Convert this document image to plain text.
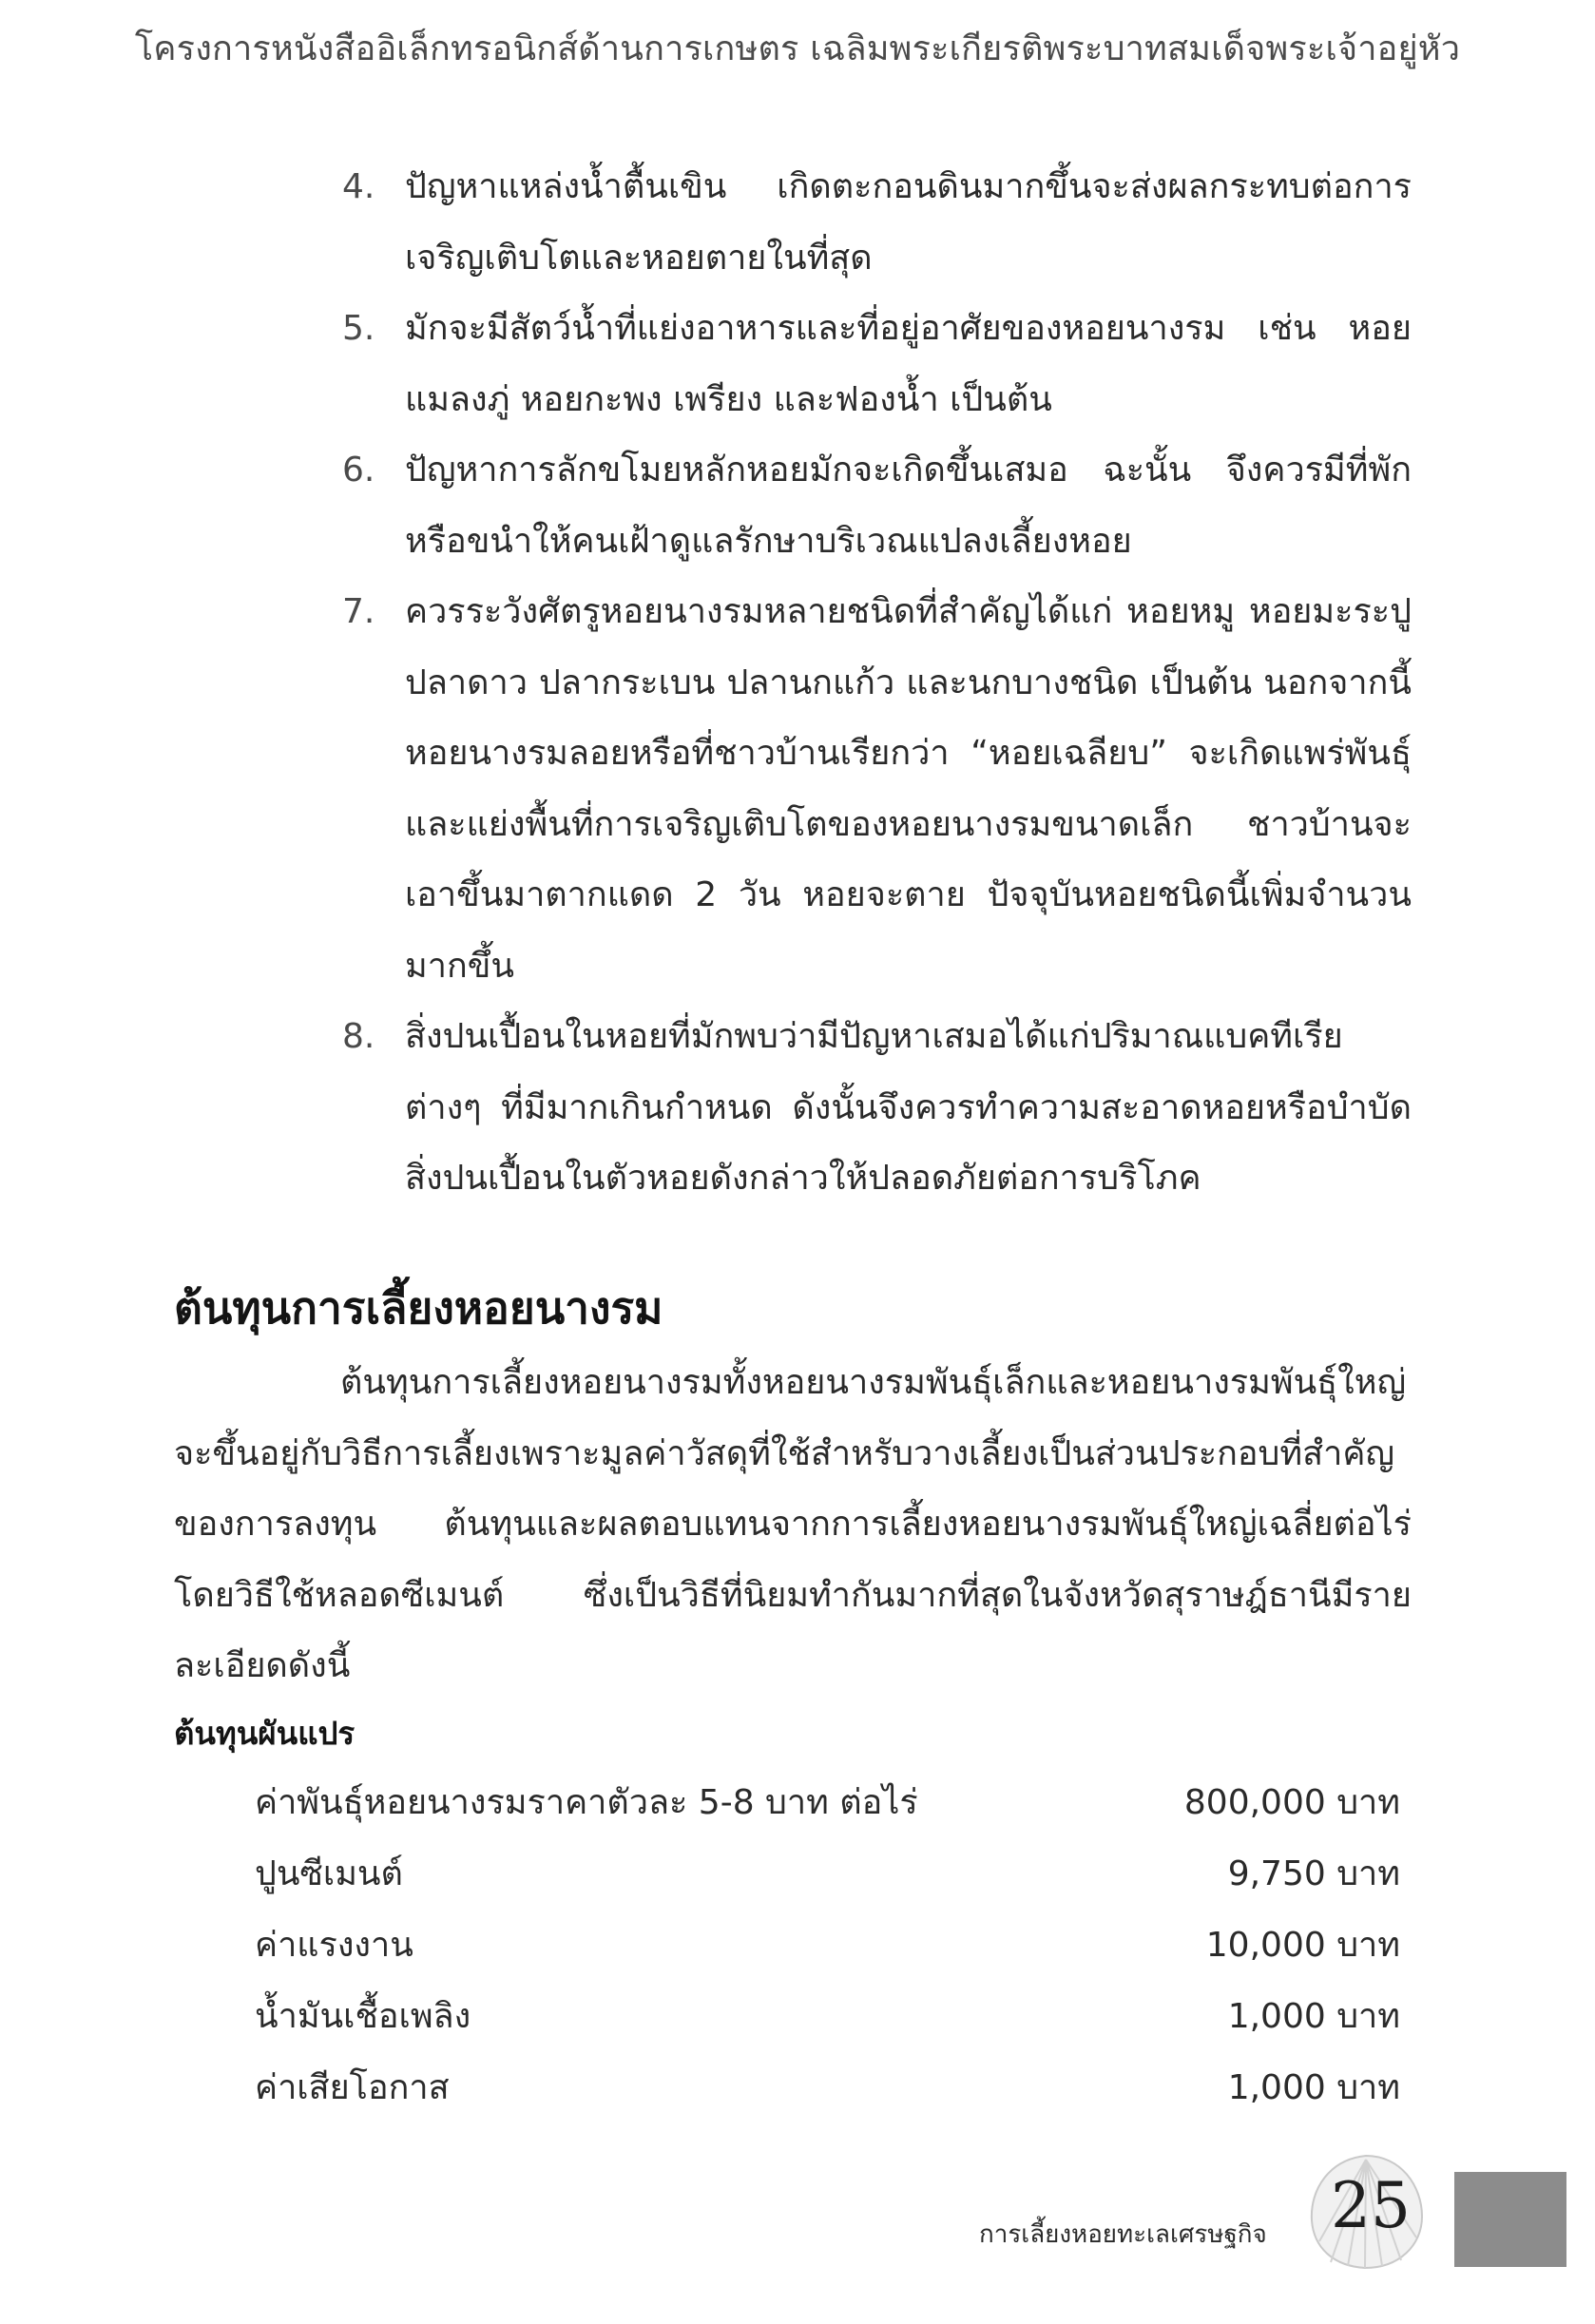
โครงการหนังสืออิเล็กทรอนิกส์ด้านการเกษตร เฉลิมพระเกียรติพระบาทสมเด็จพระเจ้าอยู่หัว
4. ปัญหาแหล่งน้ำตื้นเขิน เกิดตะกอนดินมากขึ้นจะส่งผลกระทบต่อการเจริญเติบโตและหอยตายในที่สุด
5. มักจะมีสัตว์น้ำที่แย่งอาหารและที่อยู่อาศัยของหอยนางรม เช่น หอยแมลงภู่ หอยกะพง เพรียง และฟองน้ำ เป็นต้น
6. ปัญหาการลักขโมยหลักหอยมักจะเกิดขึ้นเสมอ ฉะนั้น จึงควรมีที่พักหรือขนำให้คนเฝ้าดูแลรักษาบริเวณแปลงเลี้ยงหอย
7. ควรระวังศัตรูหอยนางรมหลายชนิดที่สำคัญได้แก่ หอยหมู หอยมะระปู ปลาดาว ปลากระเบน ปลานกแก้ว และนกบางชนิด เป็นต้น นอกจากนี้หอยนางรมลอยหรือที่ชาวบ้านเรียกว่า “หอยเฉลียบ” จะเกิดแพร่พันธุ์และแย่งพื้นที่การเจริญเติบโตของหอยนางรมขนาดเล็ก ชาวบ้านจะเอาขึ้นมาตากแดด 2 วัน หอยจะตาย ปัจจุบันหอยชนิดนี้เพิ่มจำนวนมากขึ้น
8. สิ่งปนเปื้อนในหอยที่มักพบว่ามีปัญหาเสมอได้แก่ปริมาณแบคทีเรียต่างๆ ที่มีมากเกินกำหนด ดังนั้นจึงควรทำความสะอาดหอยหรือบำบัดสิ่งปนเปื้อนในตัวหอยดังกล่าวให้ปลอดภัยต่อการบริโภค
ต้นทุนการเลี้ยงหอยนางรม

ต้นทุนการเลี้ยงหอยนางรมทั้งหอยนางรมพันธุ์เล็กและหอยนางรมพันธุ์ใหญ่จะขึ้นอยู่กับวิธีการเลี้ยงเพราะมูลค่าวัสดุที่ใช้สำหรับวางเลี้ยงเป็นส่วนประกอบที่สำคัญของการลงทุน ต้นทุนและผลตอบแทนจากการเลี้ยงหอยนางรมพันธุ์ใหญ่เฉลี่ยต่อไร่โดยวิธีใช้หลอดซีเมนต์ ซึ่งเป็นวิธีที่นิยมทำกันมากที่สุดในจังหวัดสุราษฎ์ธานีมีรายละเอียดดังนี้

ต้นทุนผันแปร
ค่าพันธุ์หอยนางรมราคาตัวละ 5-8 บาท ต่อไร่	800,000 บาท
ปูนซีเมนต์	9,750 บาท
ค่าแรงงาน	10,000 บาท
น้ำมันเชื้อเพลิง	1,000 บาท
ค่าเสียโอกาส	1,000 บาท
การเลี้ยงหอยทะเลเศรษฐกิจ 25
